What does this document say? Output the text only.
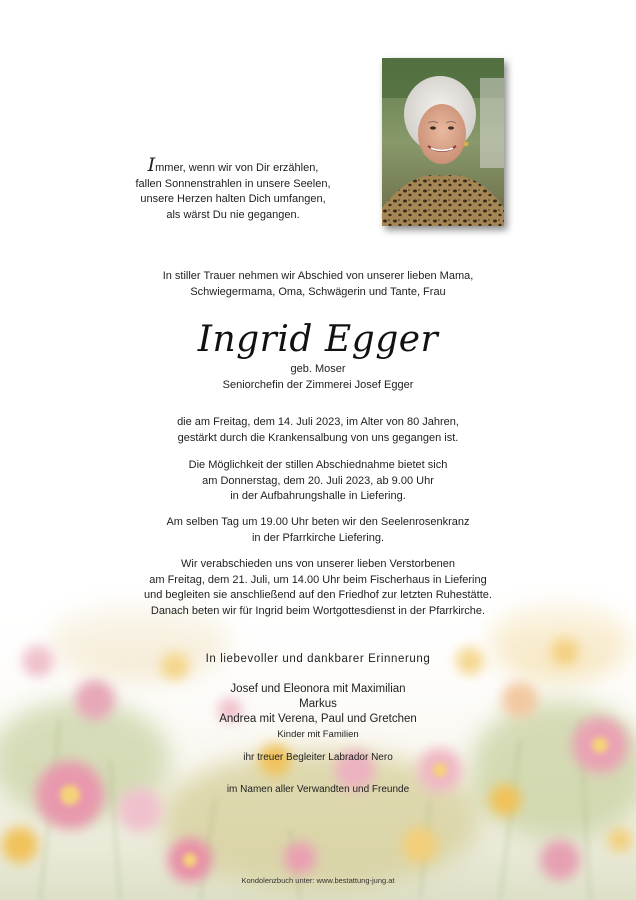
Immer, wenn wir von Dir erzählen,
fallen Sonnenstrahlen in unsere Seelen,
unsere Herzen halten Dich umfangen,
als wärst Du nie gegangen.
In stiller Trauer nehmen wir Abschied von unserer lieben Mama,
Schwiegermama, Oma, Schwägerin und Tante, Frau
Ingrid Egger
geb. Moser
Seniorchefin der Zimmerei Josef Egger
die am Freitag, dem 14. Juli 2023, im Alter von 80 Jahren,
gestärkt durch die Krankensalbung von uns gegangen ist.
Die Möglichkeit der stillen Abschiednahme bietet sich
am Donnerstag, dem 20. Juli 2023, ab 9.00 Uhr
in der Aufbahrungshalle in Liefering.
Am selben Tag um 19.00 Uhr beten wir den Seelenrosenkranz
in der Pfarrkirche Liefering.
Wir verabschieden uns von unserer lieben Verstorbenen
am Freitag, dem 21. Juli, um 14.00 Uhr beim Fischerhaus in Liefering
und begleiten sie anschließend auf den Friedhof zur letzten Ruhestätte.
Danach beten wir für Ingrid beim Wortgottesdienst in der Pfarrkirche.
In liebevoller und dankbarer Erinnerung
Josef und Eleonora mit Maximilian
Markus
Andrea mit Verena, Paul und Gretchen
Kinder mit Familien
ihr treuer Begleiter Labrador Nero
im Namen aller Verwandten und Freunde
Kondolenzbuch unter: www.bestattung-jung.at
